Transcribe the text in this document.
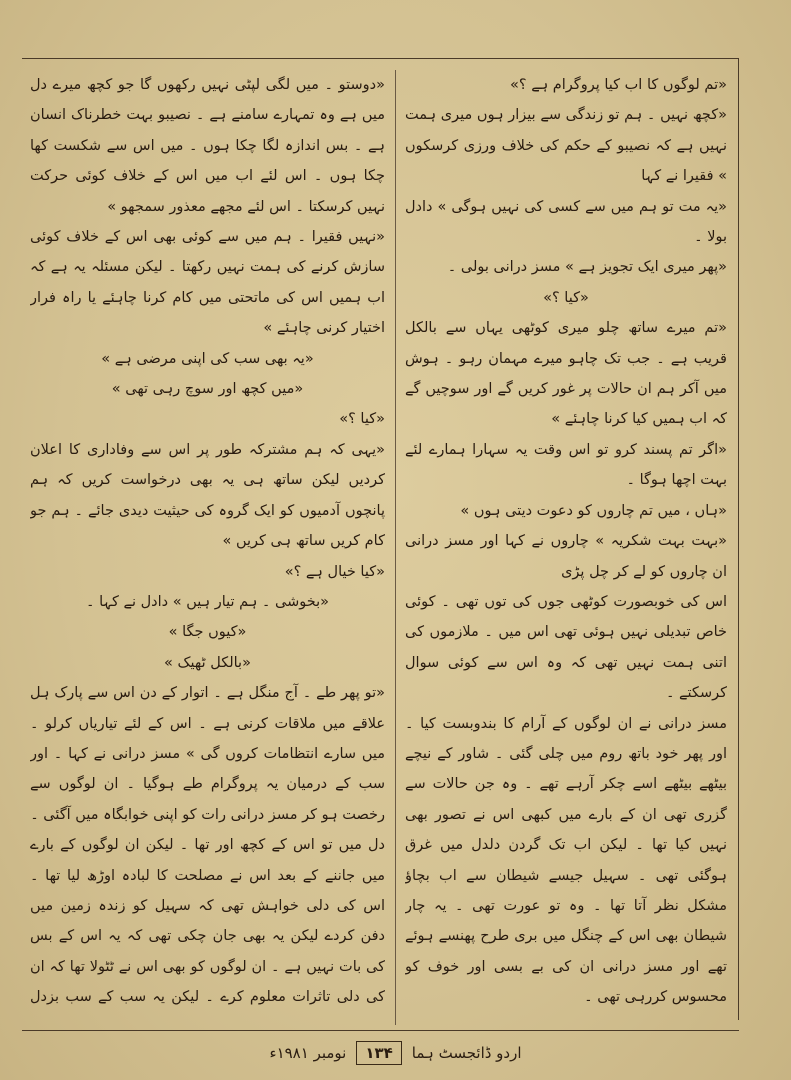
«تم لوگوں کا اب کیا پروگرام ہے ؟»

«کچھ نہیں ۔ ہم تو زندگی سے بیزار ہوں میری ہمت نہیں ہے کہ نصیبو کے حکم کی خلاف ورزی کرسکوں » فقیرا نے کہا

«یہ مت تو ہم میں سے کسی کی نہیں ہوگی » دادل بولا ۔

«پھر میری ایک تجویز ہے » مسز درانی بولی ۔

«کیا ؟»

«تم میرے ساتھ چلو میری کوٹھی یہاں سے بالکل قریب ہے ۔ جب تک چاہو میرے مہمان رہو ۔ ہوش میں آکر ہم ان حالات پر غور کریں گے اور سوچیں گے کہ اب ہمیں کیا کرنا چاہئے »

«اگر تم پسند کرو تو اس وقت یہ سہارا ہمارے لئے بہت اچھا ہوگا ۔

«ہاں ، میں تم چاروں کو دعوت دیتی ہوں »

«بہت بہت شکریہ » چاروں نے کہا اور مسز درانی ان چاروں کو لے کر چل پڑی

اس کی خوبصورت کوٹھی جوں کی توں تھی ۔ کوئی خاص تبدیلی نہیں ہوئی تھی اس میں ۔ ملازموں کی اتنی ہمت نہیں تھی کہ وہ اس سے کوئی سوال کرسکتے ۔

مسز درانی نے ان لوگوں کے آرام کا بندوبست کیا ۔ اور پھر خود باتھ روم میں چلی گئی ۔ شاور کے نیچے بیٹھے بیٹھے اسے چکر آرہے تھے ۔ وہ جن حالات سے گزری تھی ان کے بارے میں کبھی اس نے تصور بھی نہیں کیا تھا ۔ لیکن اب تک گردن دلدل میں غرق ہوگئی تھی ۔ سہیل جیسے شیطان سے اب بچاؤ مشکل نظر آتا تھا ۔ وہ تو عورت تھی ۔ یہ چار شیطان بھی اس کے چنگل میں بری طرح پھنسے ہوئے تھے اور مسز درانی ان کی بے بسی اور خوف کو محسوس کررہی تھی ۔

«دوستو ۔ میں لگی لپٹی نہیں رکھوں گا جو کچھ میرے دل میں ہے وہ تمہارے سامنے ہے ۔ نصیبو بہت خطرناک انسان ہے ۔ بس اندازہ لگا چکا ہوں ۔ میں اس سے شکست کھا چکا ہوں ۔ اس لئے اب میں اس کے خلاف کوئی حرکت نہیں کرسکتا ۔ اس لئے مجھے معذور سمجھو »

«نہیں فقیرا ۔ ہم میں سے کوئی بھی اس کے خلاف کوئی سازش کرنے کی ہمت نہیں رکھتا ۔ لیکن مسئلہ یہ ہے کہ اب ہمیں اس کی ماتحتی میں کام کرنا چاہئے یا راہ فرار اختیار کرنی چاہئے »

«یہ بھی سب کی اپنی مرضی ہے »

«میں کچھ اور سوچ رہی تھی »

«کیا ؟»

«یہی کہ ہم مشترکہ طور پر اس سے وفاداری کا اعلان کردیں لیکن ساتھ ہی یہ بھی درخواست کریں کہ ہم پانچوں آدمیوں کو ایک گروہ کی حیثیت دیدی جائے ۔ ہم جو کام کریں ساتھ ہی کریں »

«کیا خیال ہے ؟»

«بخوشی ۔ ہم تیار ہیں » دادل نے کہا ۔

«کیوں جگا »

«بالکل ٹھیک »

«تو پھر طے ۔ آج منگل ہے ۔ اتوار کے دن اس سے پارک ہل علاقے میں ملاقات کرنی ہے ۔ اس کے لئے تیاریاں کرلو ۔ میں سارے انتظامات کروں گی » مسز درانی نے کہا ۔ اور سب کے درمیان یہ پروگرام طے ہوگیا ۔ ان لوگوں سے رخصت ہو کر مسز درانی رات کو اپنی خوابگاہ میں آگئی ۔

دل میں تو اس کے کچھ اور تھا ۔ لیکن ان لوگوں کے بارے میں جاننے کے بعد اس نے مصلحت کا لبادہ اوڑھ لیا تھا ۔ اس کی دلی خواہش تھی کہ سہیل کو زندہ زمین میں دفن کردے لیکن یہ بھی جان چکی تھی کہ یہ اس کے بس کی بات نہیں ہے ۔ ان لوگوں کو بھی اس نے ٹٹولا تھا کہ ان کی دلی تاثرات معلوم کرے ۔ لیکن یہ سب کے سب بزدل

اردو ڈائجسٹ ہما
۱۳۴
نومبر ۱۹۸۱ء
